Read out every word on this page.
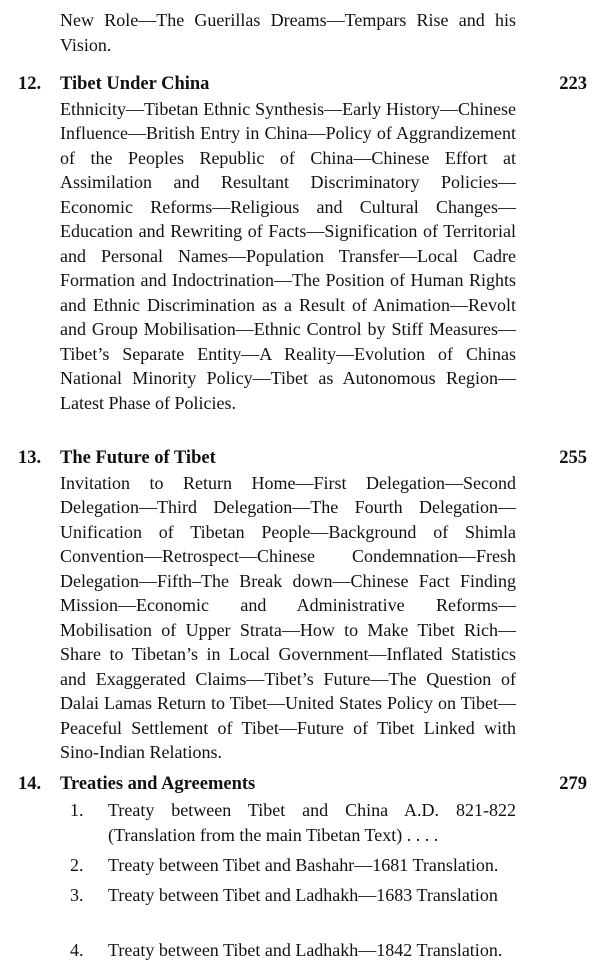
New Role—The Guerillas Dreams—Tempars Rise and his Vision.
12. Tibet Under China	223
Ethnicity—Tibetan Ethnic Synthesis—Early History—Chinese Influence—British Entry in China—Policy of Aggrandizement of the Peoples Republic of China—Chinese Effort at Assimilation and Resultant Discriminatory Policies—Economic Reforms—Religious and Cultural Changes—Education and Rewriting of Facts—Signification of Territorial and Personal Names—Population Transfer—Local Cadre Formation and Indoctrination—The Position of Human Rights and Ethnic Discrimination as a Result of Animation—Revolt and Group Mobilisation—Ethnic Control by Stiff Measures—Tibet’s Separate Entity—A Reality—Evolution of Chinas National Minority Policy—Tibet as Autonomous Region—Latest Phase of Policies.
13. The Future of Tibet	255
Invitation to Return Home—First Delegation—Second Delegation—Third Delegation—The Fourth Delegation—Unification of Tibetan People—Background of Shimla Convention—Retrospect—Chinese Condemnation—Fresh Delegation—Fifth–The Break down—Chinese Fact Finding Mission—Economic and Administrative Reforms—Mobilisation of Upper Strata—How to Make Tibet Rich—Share to Tibetan’s in Local Government—Inflated Statistics and Exaggerated Claims—Tibet’s Future—The Question of Dalai Lamas Return to Tibet—United States Policy on Tibet—Peaceful Settlement of Tibet—Future of Tibet Linked with Sino-Indian Relations.
14. Treaties and Agreements	279
1. Treaty between Tibet and China A.D. 821-822 (Translation from the main Tibetan Text) . . . .
2. Treaty between Tibet and Bashahr—1681 Translation.
3. Treaty between Tibet and Ladhakh—1683 Translation
4. Treaty between Tibet and Ladhakh—1842 Translation.
